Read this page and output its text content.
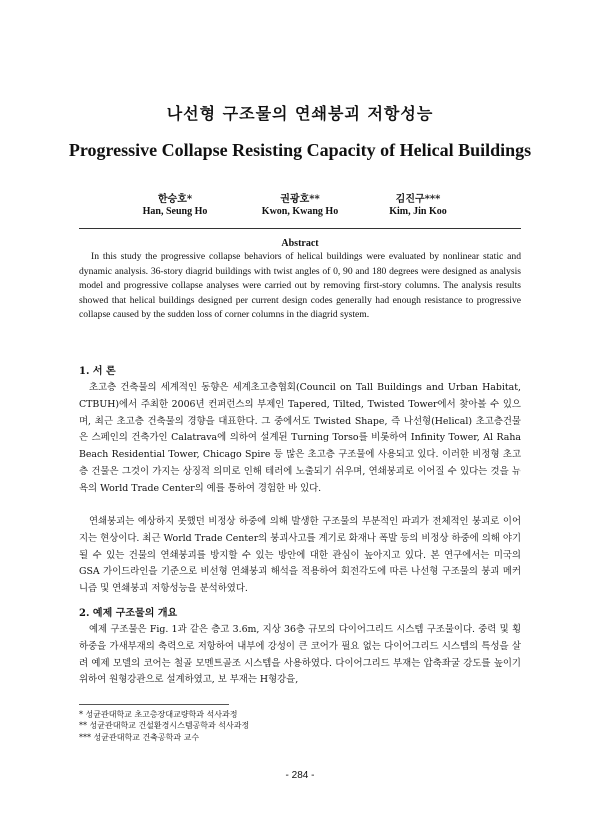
나선형 구조물의 연쇄붕괴 저항성능
Progressive Collapse Resisting Capacity of Helical Buildings
한승호*
Han, Seung Ho
권광호**
Kwon, Kwang Ho
김진구***
Kim, Jin Koo
Abstract

In this study the progressive collapse behaviors of helical buildings were evaluated by nonlinear static and dynamic analysis. 36-story diagrid buildings with twist angles of 0, 90 and 180 degrees were designed as analysis model and progressive collapse analyses were carried out by removing first-story columns. The analysis results showed that helical buildings designed per current design codes generally had enough resistance to progressive collapse caused by the sudden loss of corner columns in the diagrid system.

1. 서 론

초고층 건축물의 세계적인 동향은 세계초고층협회(Council on Tall Buildings and Urban Habitat, CTBUH)에서 주최한 2006년 컨퍼런스의 부제인 Tapered, Tilted, Twisted Tower에서 찾아볼 수 있으며, 최근 초고층 건축물의 경향을 대표한다. 그 중에서도 Twisted Shape, 즉 나선형(Helical) 초고층건물은 스페인의 건축가인 Calatrava에 의하여 설계된 Turning Torso를 비롯하여 Infinity Tower, Al Raha Beach Residential Tower, Chicago Spire 등 많은 초고층 구조물에 사용되고 있다. 이러한 비정형 초고층 건물은 그것이 가지는 상징적 의미로 인해 테러에 노출되기 쉬우며, 연쇄붕괴로 이어질 수 있다는 것을 뉴욕의 World Trade Center의 예를 통하여 경험한 바 있다.

연쇄붕괴는 예상하지 못했던 비정상 하중에 의해 발생한 구조물의 부분적인 파괴가 전체적인 붕괴로 이어지는 현상이다. 최근 World Trade Center의 붕괴사고를 계기로 화재나 폭발 등의 비정상 하중에 의해 야기될 수 있는 건물의 연쇄붕괴를 방지할 수 있는 방안에 대한 관심이 높아지고 있다. 본 연구에서는 미국의 GSA 가이드라인을 기준으로 비선형 연쇄붕괴 해석을 적용하여 회전각도에 따른 나선형 구조물의 붕괴 메커니즘 및 연쇄붕괴 저항성능을 분석하였다.

2. 예제 구조물의 개요

예제 구조물은 Fig. 1과 같은 층고 3.6m, 지상 36층 규모의 다이어그리드 시스템 구조물이다. 중력 및 횡하중을 가새부재의 축력으로 저항하여 내부에 강성이 큰 코어가 필요 없는 다이어그리드 시스템의 특성을 살려 예제 모델의 코어는 철골 모멘트골조 시스템을 사용하였다. 다이어그리드 부재는 압축좌굴 강도를 높이기 위하여 원형강관으로 설계하였고, 보 부재는 H형강을,

* 성균관대학교 초고층장대교량학과 석사과정
** 성균관대학교 건설환경시스템공학과 석사과정
*** 성균관대학교 건축공학과 교수
- 284 -
